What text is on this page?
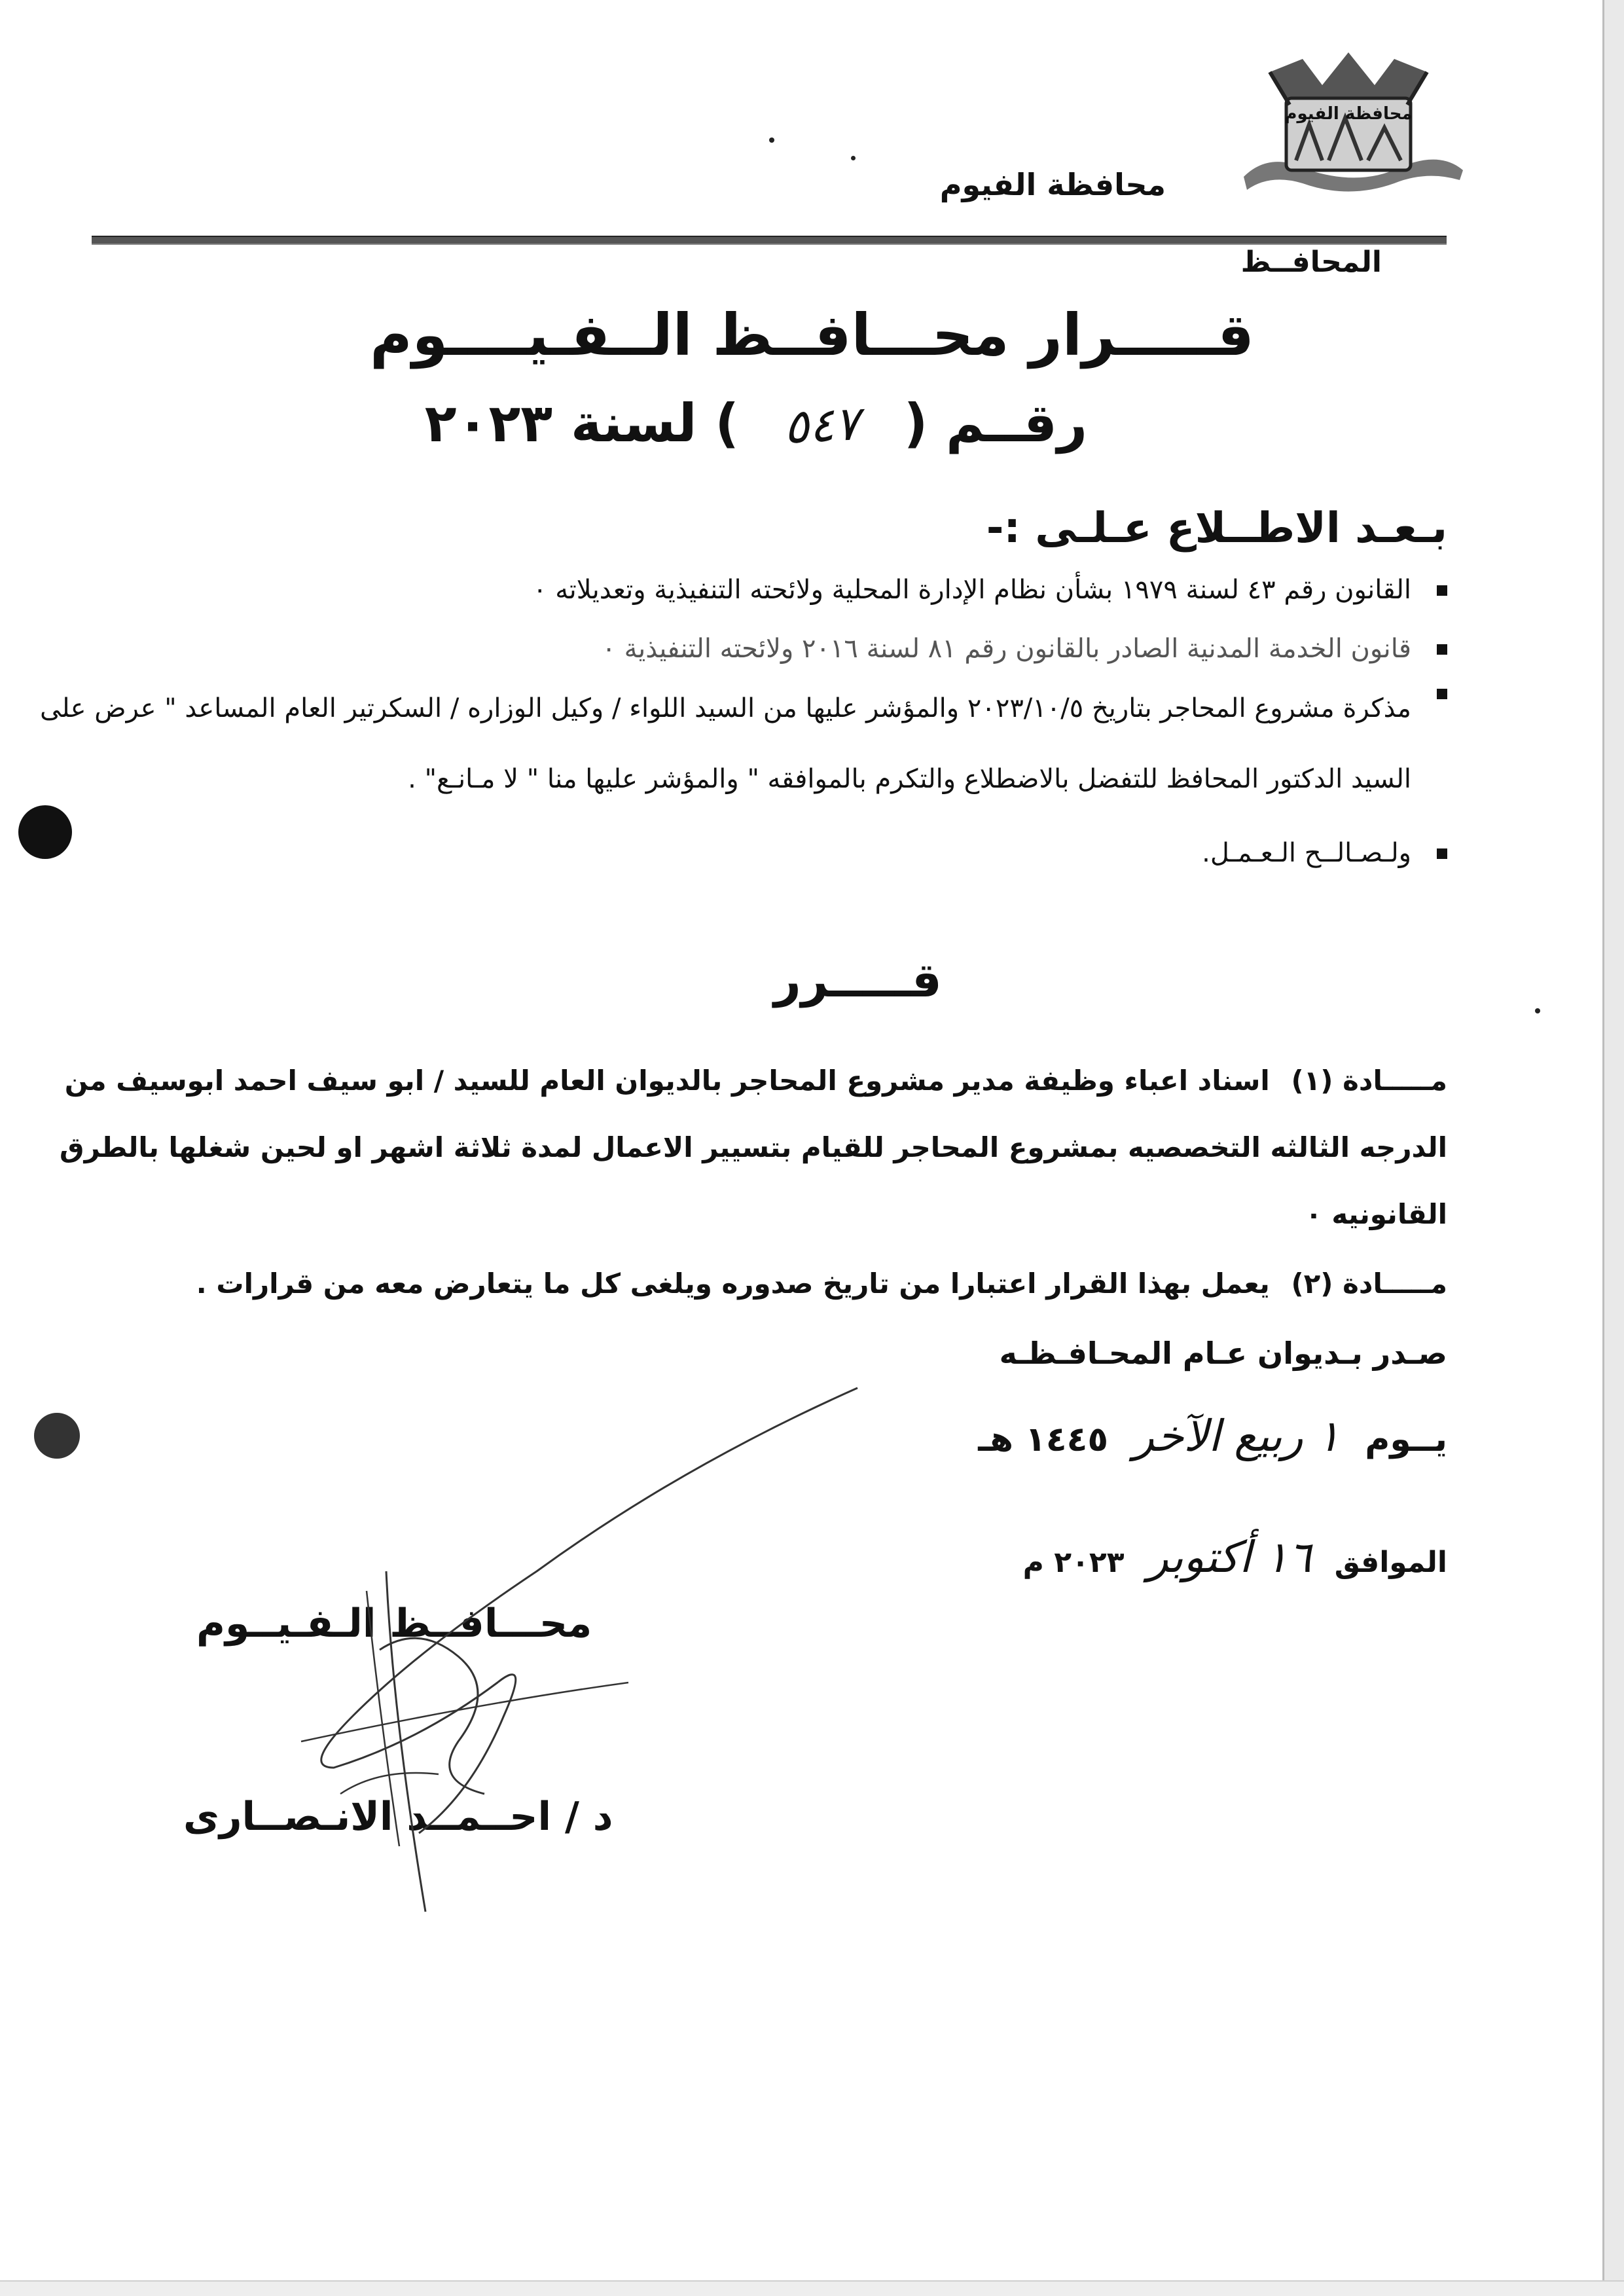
محافظة الفيوم
محافظة الفيوم
المحافــظ
قـــــرار محـــافــظ الــفـيــــوم
رقــم ( ٥٤٧ ) لسنة ٢٠٢٣
بـعـد الاطــلاع عـلـى :-
القانون رقم ٤٣ لسنة ١٩٧٩ بشأن نظام الإدارة المحلية ولائحته التنفيذية وتعديلاته ٠
قانون الخدمة المدنية الصادر بالقانون رقم ٨١ لسنة ٢٠١٦ ولائحته التنفيذية ٠
مذكرة مشروع المحاجر بتاريخ ٢٠٢٣/١٠/٥ والمؤشر عليها من السيد اللواء / وكيل الوزاره / السكرتير العام المساعد " عرض على السيد الدكتور المحافظ للتفضل بالاضطلاع والتكرم بالموافقه " والمؤشر عليها منا " لا مـانـع" .
ولـصـالــح الـعـمـل.
قـــــرر
مـــــادة (١) اسناد اعباء وظيفة مدير مشروع المحاجر بالديوان العام للسيد / ابو سيف احمد ابوسيف من الدرجه الثالثه التخصصيه بمشروع المحاجر للقيام بتسيير الاعمال لمدة ثلاثة اشهر او لحين شغلها بالطرق القانونيه ٠
مـــــادة (٢) يعمل بهذا القرار اعتبارا من تاريخ صدوره ويلغى كل ما يتعارض معه من قرارات .
صـدر بـديوان عـام المحـافـظـه
يــوم ١ ربيع الآخر ١٤٤٥ هـ
الموافق ١٦ أكتوبر ٢٠٢٣ م
محـــافــظ الـفـيــوم
د / احــمــد الانـصــارى
